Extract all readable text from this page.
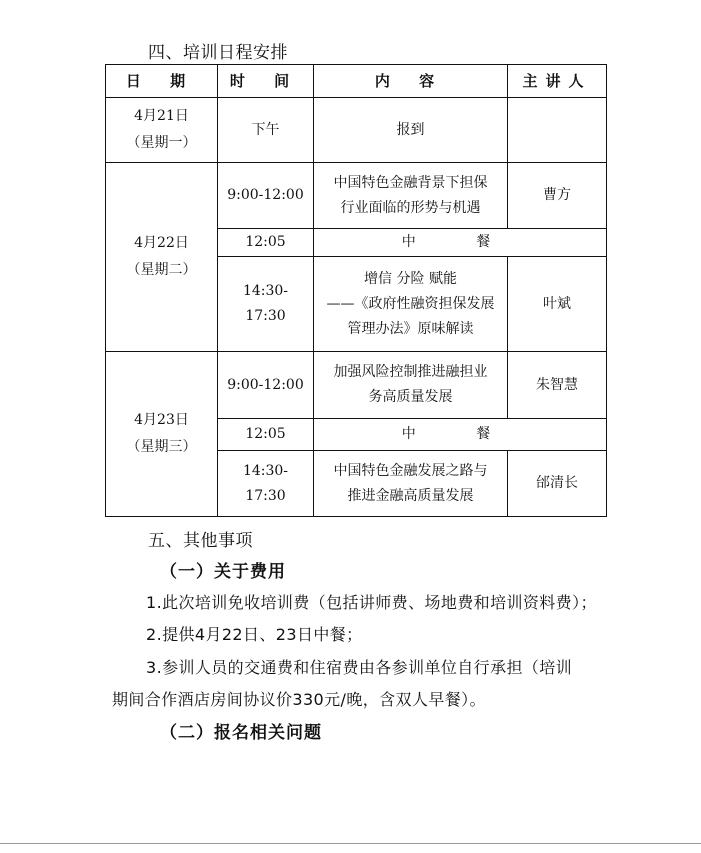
四、培训日程安排
日 期	时 间	内 容	主讲人

4月21日
（星期一）	下午	报到	

4月22日
（星期二）	9:00-12:00	中国特色金融背景下担保
行业面临的形势与机遇	曹方
	12:05	中 餐	
	14:30-17:30	增信 分险 赋能
——《政府性融资担保发展
管理办法》原味解读	叶斌

4月23日
（星期三）	9:00-12:00	加强风险控制推进融担业
务高质量发展	朱智慧
	12:05	中 餐	
	14:30-17:30	中国特色金融发展之路与
推进金融高质量发展	邰清长
五、其他事项
（一）关于费用
1.此次培训免收培训费（包括讲师费、场地费和培训资料费）；
2.提供4月22日、23日中餐；
3.参训人员的交通费和住宿费由各参训单位自行承担（培训
期间合作酒店房间协议价330元/晚，含双人早餐）。
（二）报名相关问题
